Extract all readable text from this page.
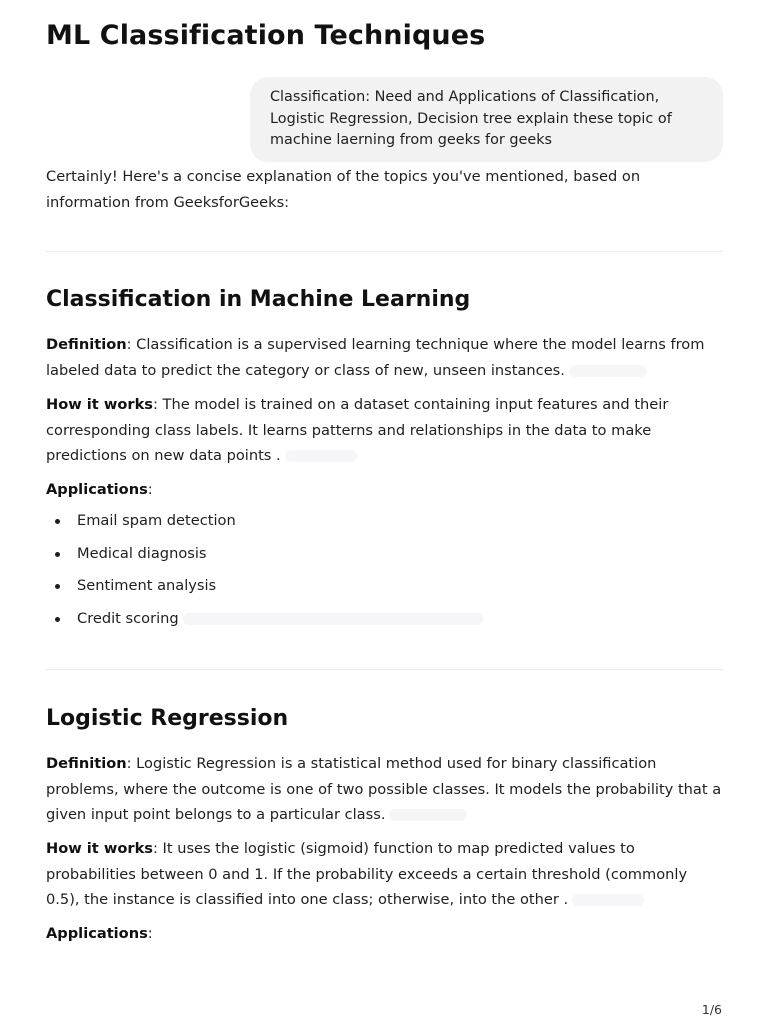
ML Classification Techniques
Classification: Need and Applications of Classification, Logistic Regression, Decision tree explain these topic of machine laerning from geeks for geeks

Certainly! Here's a concise explanation of the topics you've mentioned, based on information from GeeksforGeeks:

Classification in Machine Learning

Definition: Classification is a supervised learning technique where the model learns from labeled data to predict the category or class of new, unseen instances.

How it works: The model is trained on a dataset containing input features and their corresponding class labels. It learns patterns and relationships in the data to make predictions on new data points .

Applications:

Email spam detection
Medical diagnosis
Sentiment analysis
Credit scoring
Logistic Regression

Definition: Logistic Regression is a statistical method used for binary classification problems, where the outcome is one of two possible classes. It models the probability that a given input point belongs to a particular class.

How it works: It uses the logistic (sigmoid) function to map predicted values to probabilities between 0 and 1. If the probability exceeds a certain threshold (commonly 0.5), the instance is classified into one class; otherwise, into the other .

Applications:

1/6
